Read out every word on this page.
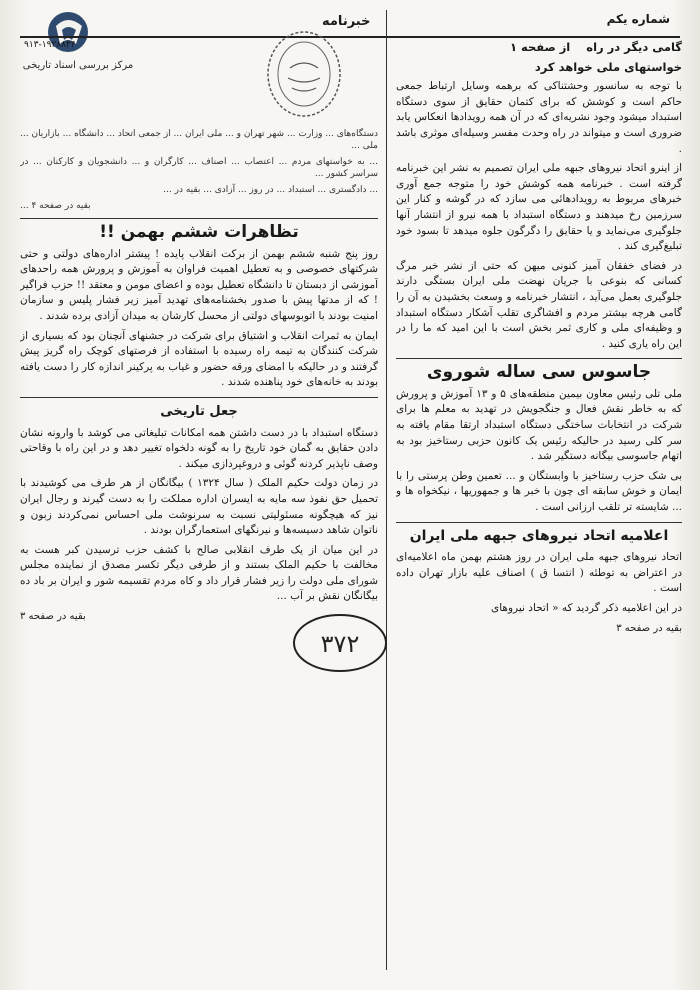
مرکز بررسی اسناد تاریخی
۹۱۳-۱۹۲۸۸۴۴
خبرنامه	شماره یکم
گامی دیگر در راه    از صفحه ۱
خواستهای ملی خواهد کرد

با توجه به سانسور وحشتناکی که برهمه وسایل ارتباط جمعی حاکم است و کوشش که برای کتمان حقایق از سوی دستگاه استبداد میشود وجود نشریه‌ای که در آن همه رویدادها انعکاس یابد ضروری است و میتواند در راه وحدت مفسر وسیله‌ای موثری باشد .

از اینرو اتحاد نیروهای جبهه ملی ایران تصمیم به نشر این خبرنامه گرفته است . خبرنامه همه کوشش خود را متوجه جمع آوری خبرهای مربوط به رویدادهائی می سازد که در گوشه و کنار این سرزمین رخ میدهند و دستگاه استبداد با همه نیرو از انتشار آنها جلوگیری می‌نماید و یا حقایق را دگرگون جلوه میدهد تا بسود خود تبلیغ‌گیری کند .

در فضای خفقان آمیز کنونی میهن که حتی از نشر خبر مرگ کسانی که بنوعی با جریان نهضت ملی ایران بستگی دارند جلوگیری بعمل می‌آید ، انتشار خبرنامه و وسعت بخشیدن به آن را گامی هرچه بیشتر مردم و افشاگری تقلب آشکار دستگاه استبداد و وظیفه‌ای ملی و کاری ثمر بخش است با این امید که ما را در این راه یاری کنید .

جاسوس سی ساله شوروی

ملی تلی رئیس معاون بیمین منطقه‌های ۵ و ۱۳ آموزش و پرورش که به خاطر نقش فعال و جنگجویش در تهدید به معلم ها برای شرکت در انتخابات ساختگی دستگاه استبداد ارتقا مقام یافته به سر کلی رسید در حالیکه رئیس یک کانون حزبی رستاخیز بود به اتهام جاسوسی بیگانه دستگیر شد .

بی شک حزب رستاخیز با وابستگان و ... تعمین وطن پرستی را با ایمان و خوش سابقه ای چون با خبر ها و جمهوریها ، نیکخواه ها و ... شایسته تر تلقب ارزانی است .

اعلامیه اتحاد نیروهای جبهه ملی ایران

اتحاد نیروهای جبهه ملی ایران در روز هشتم بهمن ماه اعلامیه‌ای در اعتراض به توطئه ( انتسا ق ) اصناف علیه بازار تهران داده است .

در این اعلامیه ذکر گردید که « اتحاد نیروهای

بقیه در صفحه ۳

دستگاه‌های ... وزارت ... شهر تهران و ... ملی ایران ... از جمعی اتحاد ... دانشگاه ... بازاریان ... ملی ...

... به خواستهای مردم ... اعتصاب ... اصناف ... کارگران و ... دانشجویان و کارکنان ... در سراسر کشور ...

... دادگستری ... استبداد ... در روز ... آزادی ... بقیه در ...

بقیه در صفحه ۴ ...

تظاهرات ششم بهمن !!

روز پنج شنبه ششم بهمن از برکت انقلاب پایده ! پیشتر اداره‌های دولتی و حتی شرکتهای خصوصی و به تعطیل اهمیت فراوان به آموزش و پرورش همه راحد‌های آموزشی از دبستان تا دانشگاه تعطیل بوده و اعضای مومن و معتقد !! حزب فراگیر ! که از مدتها پیش با صدور بخشنامه‌های تهدید آمیز زیر فشار پلیس و سازمان امنیت بودند با اتوبوسهای دولتی از محسل کارشان به میدان آزادی برده شدند .

ایمان به ثمرات انقلاب و اشتیاق برای شرکت در جشنهای آنچنان بود که بسیاری از شرکت کنندگان به تیمه راه رسیده با استفاده از فرصتهای کوچک راه گریز پیش گرفتند و در حالیکه با امضای ورقه حضور و غیاب به پرکینر اندازه کار را دست یافته بودند به خانه‌های خود پناهنده شدند .

جعل تاریخی

دستگاه استبداد با در دست داشتن همه امکانات تبلیغاتی می کوشد با وارونه نشان دادن حقایق به گمان خود تاریخ را به گونه دلخواه تغییر دهد و در این راه با وقاحتی وصف ناپذیر کردنه گوئی و دروغپردازی میکند .

در زمان دولت حکیم الملک ( سال ۱۳۲۴ ) بیگانگان از هر طرف می کوشیدند با تحمیل حق نفوذ سه مایه به ایسران اداره مملکت را به دست گیرند و رجال ایران نیز که هیچگونه مسئولیتی نسبت به سرنوشت ملی احساس نمی‌کردند زبون و ناتوان شاهد دسیسه‌ها و نیرنگهای استعمارگران بودند .

در این میان از یک طرف انقلابی صالح با کشف حزب ترسیدن کبر هست به مخالفت با حکیم الملک بستند و از طرفی دیگر تکسر مصدق از نماینده مجلس شورای ملی دولت را زیر فشار قرار داد و کاه مردم تقسیمه شور و ایران بر باد ده بیگانگان نقش بر آب ...

بقیه در صفحه ۳

۳۷۲
